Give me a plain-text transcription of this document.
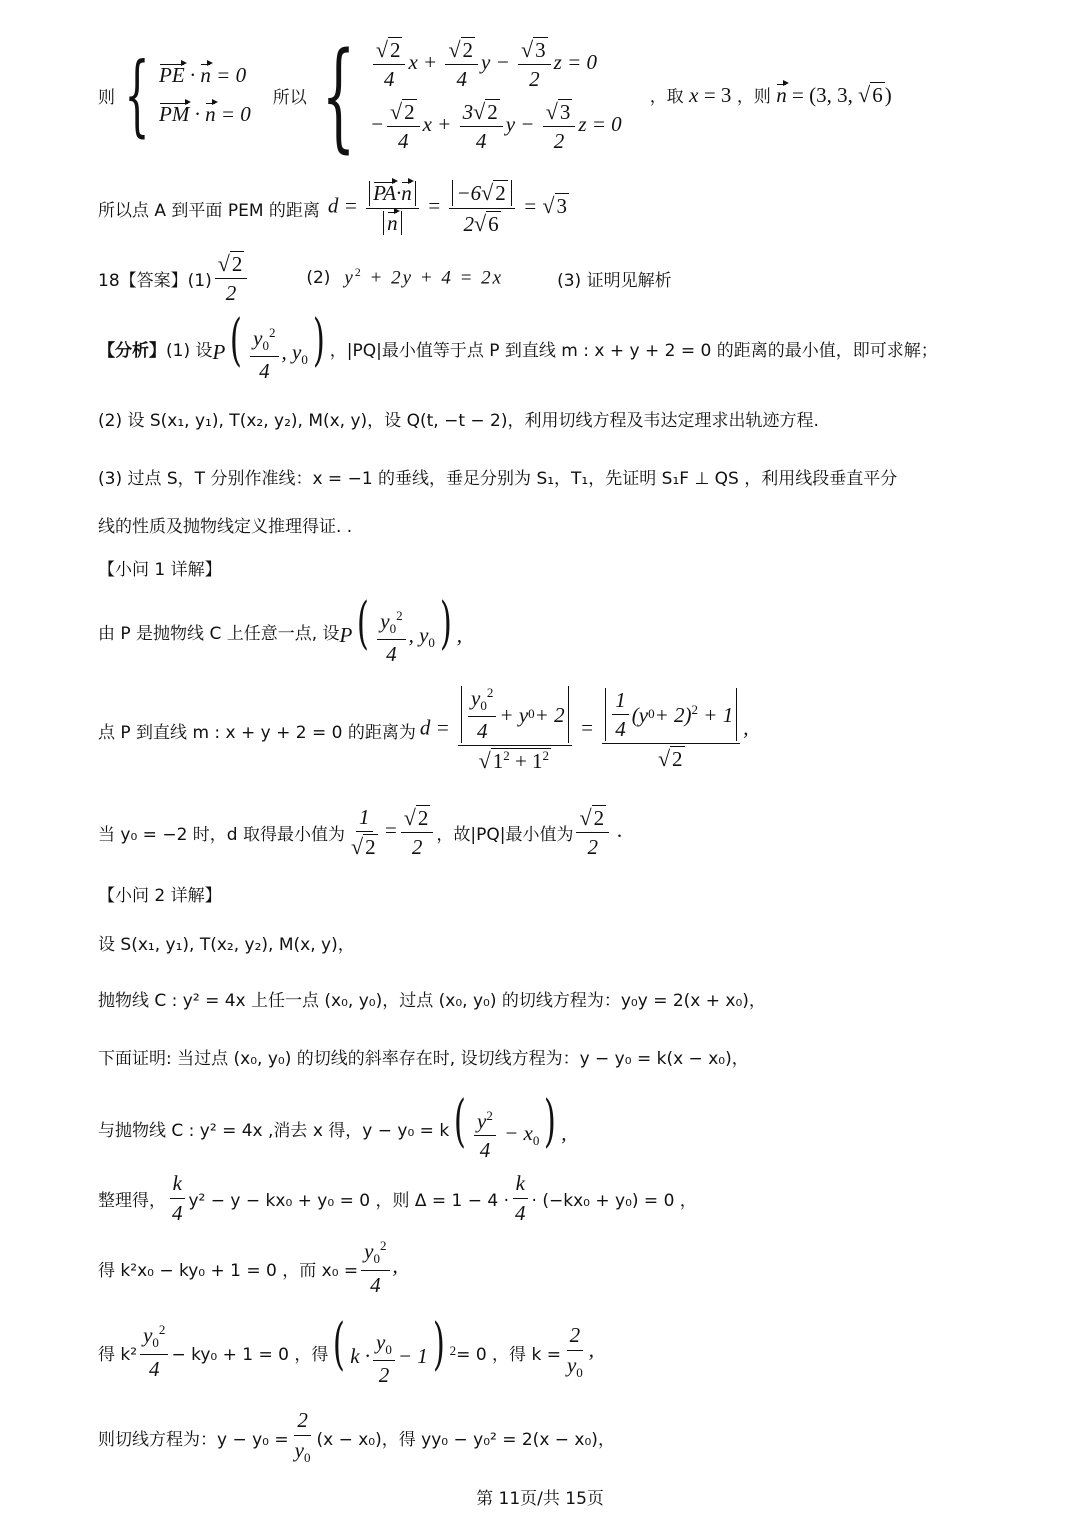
则 { PE · n = 0
PM · n = 0
所以 { $\frac{√ 2}{4}$ $x + \frac{√ 2}{4}$ $y - \frac{√ 3}{2}$ z = 0
− $\frac{√ 2}{4}$ $x + \frac{3 √ 2}{4}$ $y - \frac{√ 3}{2}$ z = 0
，取 x = 3 ，则 n = (3, 3, √ 6 )
所以点 A 到平面 PEM 的距离 $d = \frac{PA \cdot n}{n} = \frac{-6 √ 2}{2 √ 6}$ = √ 3
18【答案】$(1) \frac{√ 2}{2}$	(2) $y^2 + 2y + 4 = 2x$	(3) 证明见解析
【分析】 (1) 设 $P( \frac{y_0^2}{4}$ , $y_0$) ，|PQ|最小值等于点 P 到直线 m : x + y + 2 = 0 的距离的最小值，即可求解；
(2) 设 S(x₁, y₁), T(x₂, y₂), M(x, y)，设 Q(t, −t − 2)，利用切线方程及韦达定理求出轨迹方程.
(3) 过点 S，T 分别作准线：x = −1 的垂线，垂足分别为 S₁，T₁，先证明 S₁F ⊥ QS ，利用线段垂直平分
线的性质及抛物线定义推理得证. .
【小问 1 详解】
由 P 是抛物线 C 上任意一点, 设 $P( \frac{y_0^2}{4}$ , $y_0$) ,
点 P 到直线 m : x + y + 2 = 0 的距离为 $d = \frac{\frac{y_0^2}{4} + y 0 + 2}{√ 1^2 + 1^2} = \frac{\frac{1}{4} ( y 0 + 2)^2 + 1}{√ 2}$ ,
当 y₀ = −2 时，d 取得最小值为 $\frac{1}{√ 2} = \frac{√ 2}{2}$ ，故|PQ|最小值为 $\frac{√ 2}{2}$ .
【小问 2 详解】
设 S(x₁, y₁), T(x₂, y₂), M(x, y)，
抛物线 C : y² = 4x 上任一点 (x₀, y₀)，过点 (x₀, y₀) 的切线方程为：y₀y = 2(x + x₀)，
下面证明: 当过点 (x₀, y₀) 的切线的斜率存在时, 设切线方程为：y − y₀ = k(x − x₀)，
与抛物线 C : y² = 4x ,消去 x 得，y − y₀ = k ( $\frac{y^2}{4} - x_0$) ,
整理得， $\frac{k}{4} y^2 - y - kx_0 + y_0 = 0$ ，则 $\Delta = 1 - 4 \cdot \frac{k}{4} \cdot (-kx_0 + y_0) = 0$ ，
得 k²x₀ − ky₀ + 1 = 0 ，而 $x_0 = \frac{y_0^2}{4}$ ,
得 $k^2 \frac{y_0^2}{4} - ky_0 + 1 = 0$ ，得 ( $k \cdot \frac{y_0}{2} - 1$) $^2$ = 0 ，得 $k = \frac{2}{y_0}$ ,
则切线方程为：$y - y_0 = \frac{2}{y_0} (x - x_0)$，得 yy₀ − y₀² = 2(x − x₀)，
第 11页/共 15页
